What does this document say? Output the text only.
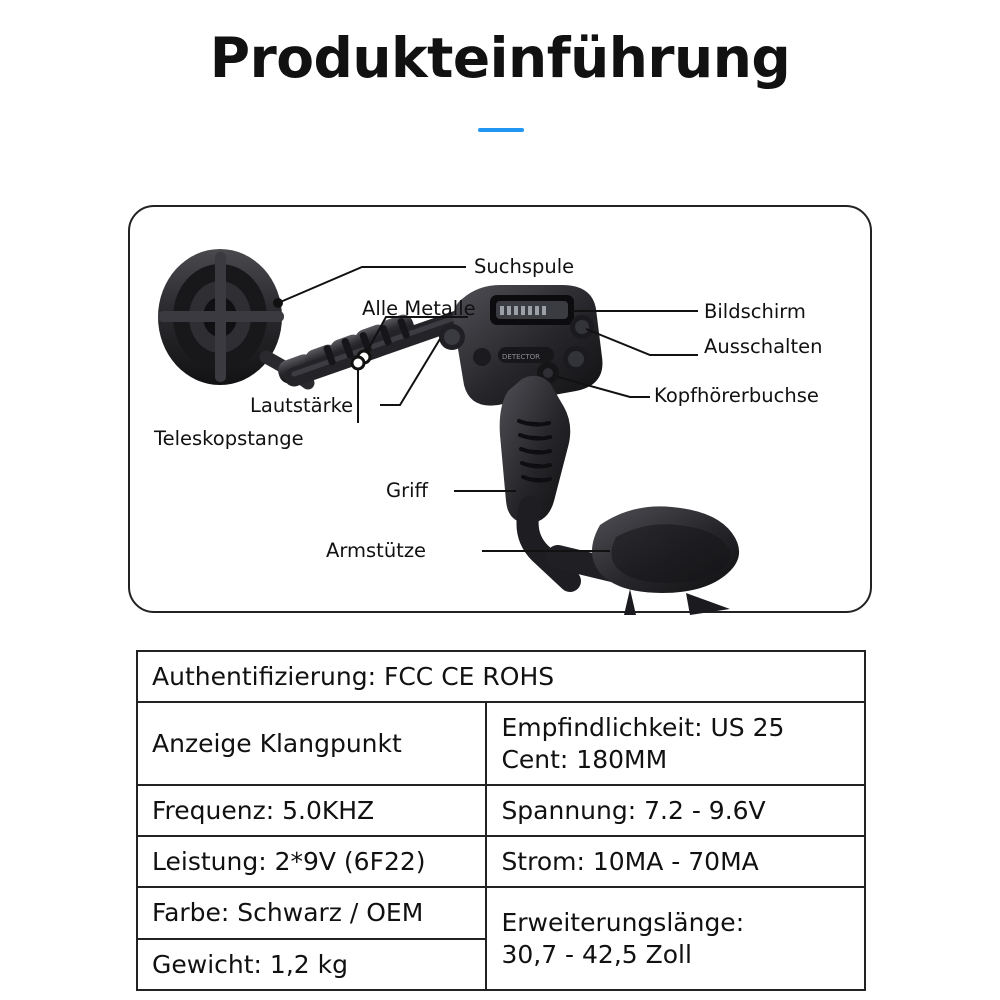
Produkteinführung
DETECTOR
Suchspule
Alle Metalle	Bildschirm
Ausschalten
Kopfhörerbuchse
Lautstärke
Teleskopstange
Griff
Armstütze
Authentifizierung: FCC CE ROHS	
Anzeige Klangpunkt	Empfindlichkeit: US 25
Cent: 180MM

Frequenz: 5.0KHZ	Spannung: 7.2 - 9.6V
Leistung: 2*9V (6F22)	Strom: 10MA - 70MA
Farbe: Schwarz / OEM	Erweiterungslänge:
30,7 - 42,5 Zoll

Gewicht: 1,2 kg	
